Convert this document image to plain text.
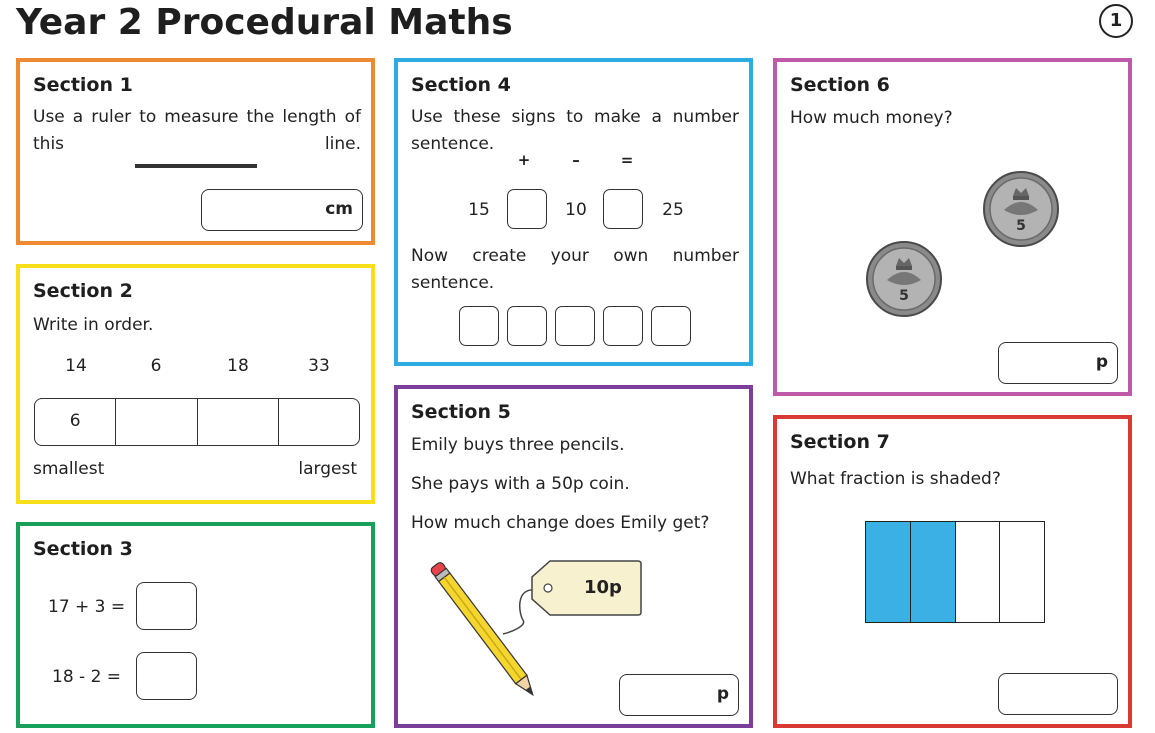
Year 2 Procedural Maths	1
Section 1
Use a ruler to measure the length of this line.
cm
Section 2
Write in order.
14	6	18	33
6
smallest	largest
Section 3
17 + 3 =
18 - 2 =
Section 4
Use these signs to make a number sentence.
+	–	=
15	10	25
Now create your own number sentence.
Section 5
Emily buys three pencils.
She pays with a 50p coin.
How much change does Emily get?
10p
p
Section 6
How much money?
5
5
p
Section 7
What fraction is shaded?
